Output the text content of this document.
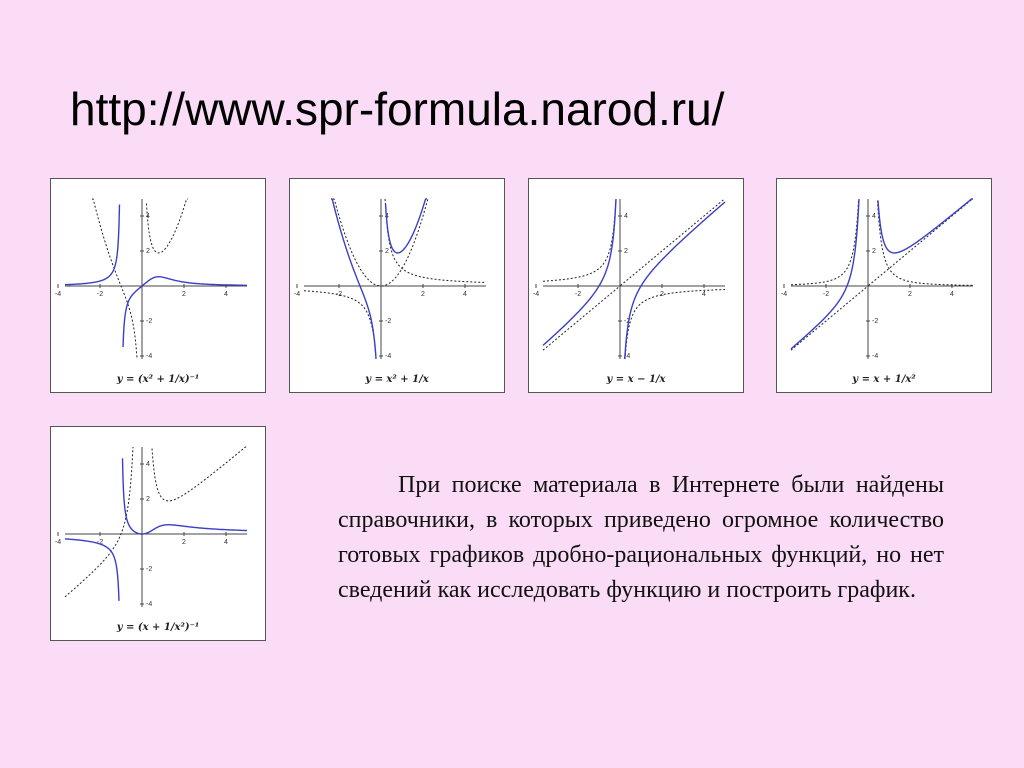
http://www.spr-formula.narod.ru/
-4	-2	2	4
4
2
-2
-4
y = (x² + 1/x)⁻¹
-4	-2	2	4
4
2
-2
-4
y = x² + 1/x
-4	-2	2	4
4
2
-2
-4
y = x − 1/x
-4	-2	2	4
4
2
-2
-4
y = x + 1/x²
-4	-2	2	4
4
2
-2
-4
y = (x + 1/x²)⁻¹

При поиске материала в Интернете были найдены справочники, в которых приведено огромное количество готовых графиков дробно-рациональных функций, но нет сведений как исследовать функцию и построить график.
